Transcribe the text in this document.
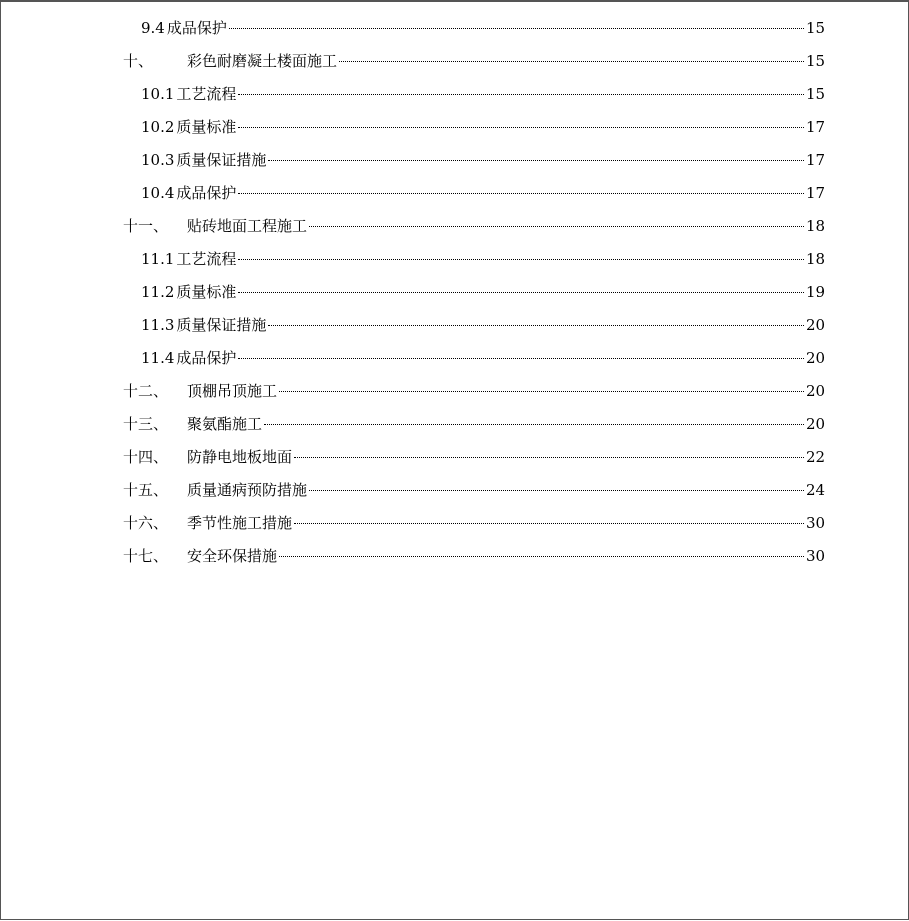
9.4 成品保护	15
十、	彩色耐磨凝土楼面施工	15
10.1 工艺流程	15
10.2 质量标准	17
10.3 质量保证措施	17
10.4 成品保护	17
十一、	贴砖地面工程施工	18
11.1 工艺流程	18
11.2 质量标准	19
11.3 质量保证措施	20
11.4 成品保护	20
十二、	顶棚吊顶施工	20
十三、	聚氨酯施工	20
十四、	防静电地板地面	22
十五、	质量通病预防措施	24
十六、	季节性施工措施	30
十七、	安全环保措施	30
